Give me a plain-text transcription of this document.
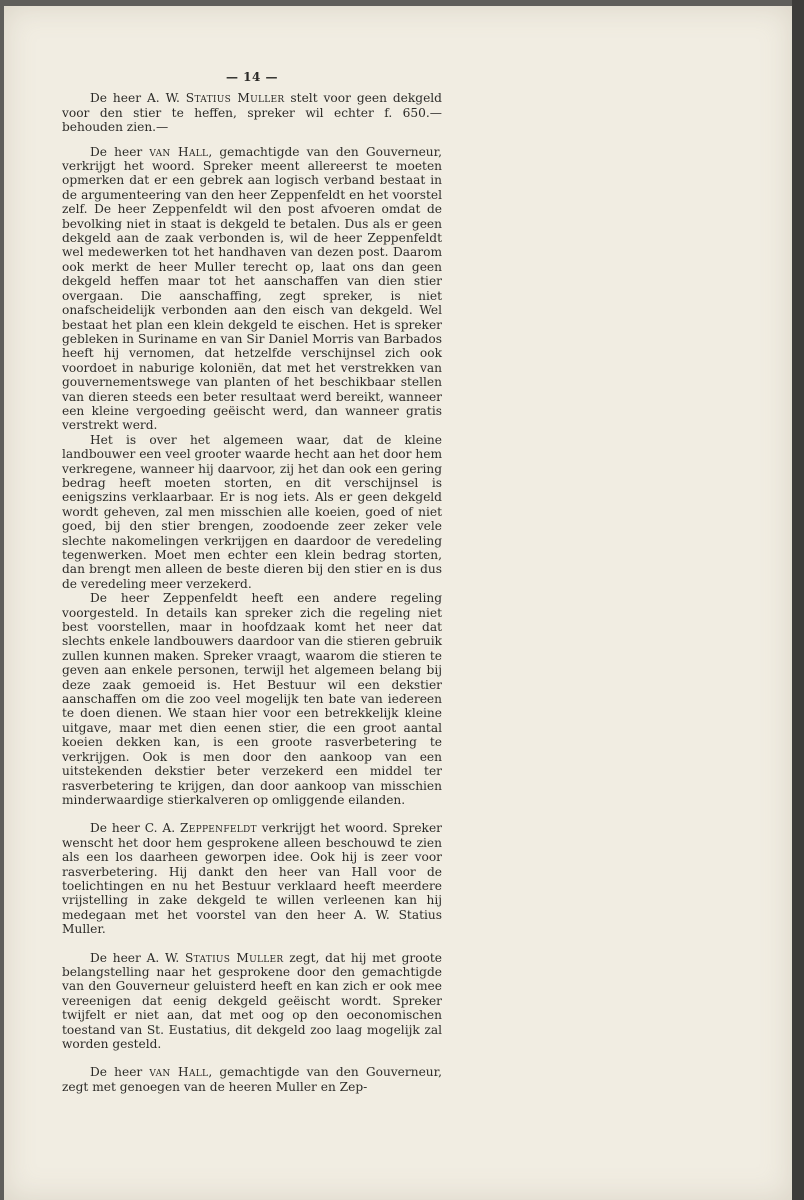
— 14 —

De heer A. W. Statius Muller stelt voor geen dekgeld voor den stier te heffen, spreker wil echter f. 650.— behouden zien.—

De heer van Hall, gemachtigde van den Gouverneur, verkrijgt het woord. Spreker meent allereerst te moeten opmerken dat er een gebrek aan logisch verband bestaat in de argumenteering van den heer Zeppenfeldt en het voorstel zelf. De heer Zeppenfeldt wil den post afvoeren omdat de bevolking niet in staat is dekgeld te betalen. Dus als er geen dekgeld aan de zaak verbonden is, wil de heer Zeppenfeldt wel medewerken tot het handhaven van dezen post. Daarom ook merkt de heer Muller terecht op, laat ons dan geen dekgeld heffen maar tot het aanschaffen van dien stier overgaan. Die aanschaffing, zegt spreker, is niet onafscheidelijk verbonden aan den eisch van dekgeld. Wel bestaat het plan een klein dekgeld te eischen. Het is spreker gebleken in Suriname en van Sir Daniel Morris van Barbados heeft hij vernomen, dat hetzelfde verschijnsel zich ook voordoet in naburige koloniën, dat met het verstrekken van gouvernementswege van planten of het beschikbaar stellen van dieren steeds een beter resultaat werd bereikt, wanneer een kleine vergoeding geëischt werd, dan wanneer gratis verstrekt werd.

Het is over het algemeen waar, dat de kleine landbouwer een veel grooter waarde hecht aan het door hem verkregene, wanneer hij daarvoor, zij het dan ook een gering bedrag heeft moeten storten, en dit verschijnsel is eenigszins verklaarbaar. Er is nog iets. Als er geen dekgeld wordt geheven, zal men misschien alle koeien, goed of niet goed, bij den stier brengen, zoodoende zeer zeker vele slechte nakomelingen verkrijgen en daardoor de veredeling tegenwerken. Moet men echter een klein bedrag storten, dan brengt men alleen de beste dieren bij den stier en is dus de veredeling meer verzekerd.

De heer Zeppenfeldt heeft een andere regeling voorgesteld. In details kan spreker zich die regeling niet best voorstellen, maar in hoofdzaak komt het neer dat slechts enkele landbouwers daardoor van die stieren gebruik zullen kunnen maken. Spreker vraagt, waarom die stieren te geven aan enkele personen, terwijl het algemeen belang bij deze zaak gemoeid is. Het Bestuur wil een dekstier aanschaffen om die zoo veel mogelijk ten bate van iedereen te doen dienen. We staan hier voor een betrekkelijk kleine uitgave, maar met dien eenen stier, die een groot aantal koeien dekken kan, is een groote rasverbetering te verkrijgen. Ook is men door den aankoop van een uitstekenden dekstier beter verzekerd een middel ter rasverbetering te krijgen, dan door aankoop van misschien minderwaardige stierkalveren op omliggende eilanden.

De heer C. A. Zeppenfeldt verkrijgt het woord. Spreker wenscht het door hem gesprokene alleen beschouwd te zien als een los daarheen geworpen idee. Ook hij is zeer voor rasverbetering. Hij dankt den heer van Hall voor de toelichtingen en nu het Bestuur verklaard heeft meerdere vrijstelling in zake dekgeld te willen verleenen kan hij medegaan met het voorstel van den heer A. W. Statius Muller.

De heer A. W. Statius Muller zegt, dat hij met groote belangstelling naar het gesprokene door den gemachtigde van den Gouverneur geluisterd heeft en kan zich er ook mee vereenigen dat eenig dekgeld geëischt wordt. Spreker twijfelt er niet aan, dat met oog op den oeconomischen toestand van St. Eustatius, dit dekgeld zoo laag mogelijk zal worden gesteld.

De heer van Hall, gemachtigde van den Gouverneur, zegt met genoegen van de heeren Muller en Zep-
